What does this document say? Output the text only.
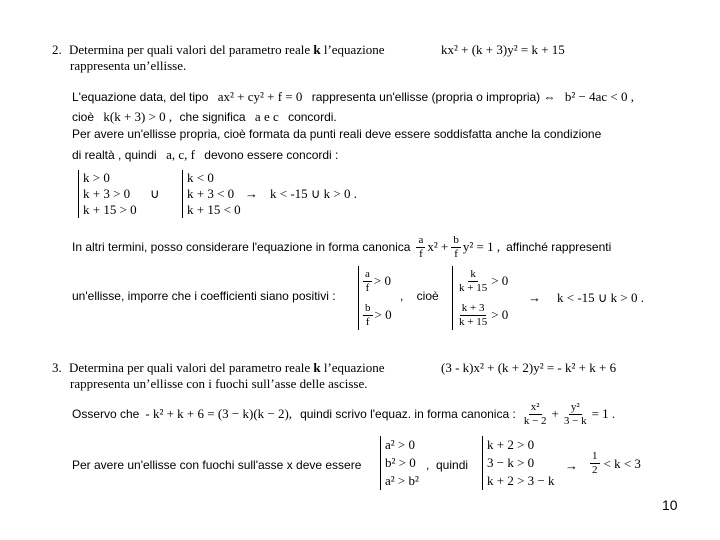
2. Determina per quali valori del parametro reale k l’equazione	kx² + (k + 3)y² = k + 15
rappresenta un’ellisse.
L'equazione data, del tipo ax² + cy² + f = 0 rappresenta un'ellisse (propria o impropria) ⇔ b² − 4ac < 0 ,
cioè k(k + 3) > 0 , che significa a e c concordi.
Per avere un'ellisse propria, cioè formata da punti reali deve essere soddisfatta anche la condizione
di realtà , quindi a, c, f devono essere concordi :
k > 0
k + 3 > 0
k + 15 > 0
∪
k < 0
k + 3 < 0
k + 15 < 0
→ k < -15 ∪ k > 0 .
In altri termini, posso considerare l'equazione in forma canonica $\frac{a}{f} x^2 + \frac{b}{f} y^2 = 1$ , affinché rappresenti
un'ellisse, imporre che i coefficienti siano positivi :
$\frac{a}{f} > 0$
$\frac{b}{f} > 0$
,    cioè
$\frac{k}{k + 15} > 0$
$\frac{k + 3}{k + 15} > 0$
→ k < -15 ∪ k > 0 .
3. Determina per quali valori del parametro reale k l’equazione	(3 - k)x² + (k + 2)y² = - k² + k + 6
rappresenta un’ellisse con i fuochi sull’asse delle ascisse.
Osservo che - k² + k + 6 = (3 − k)(k − 2), quindi scrivo l'equaz. in forma canonica : $\frac{\text{x²}}{k - 2} + \frac{\text{y²}}{3 - k} = 1$ .
Per avere un'ellisse con fuochi sull'asse x deve essere
a² > 0
b² > 0
a² > b²
,  quindi
k + 2 > 0
3 − k > 0
k + 2 > 3 − k
→ $\frac{1}{2} < k < 3$
10
